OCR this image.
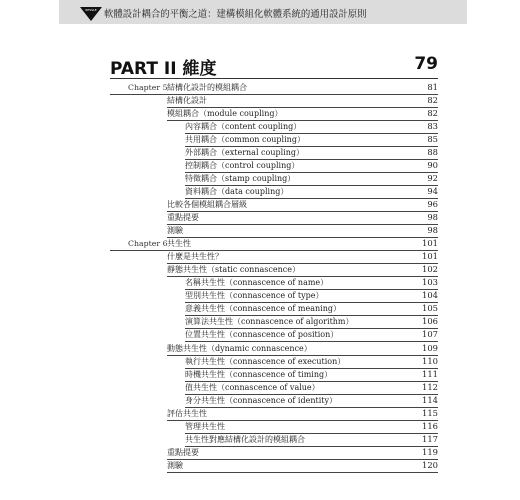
RESSLE 軟體設計耦合的平衡之道：建構模組化軟體系統的通用設計原則
PART II 維度	79
Chapter 5 結構化設計的模組耦合	81
結構化設計	82
模組耦合（module coupling）	82
內容耦合（content coupling）	83
共用耦合（common coupling）	85
外部耦合（external coupling）	88
控制耦合（control coupling）	90
特徵耦合（stamp coupling）	92
資料耦合（data coupling）	94
比較各個模組耦合層級	96
重點提要	98
測驗	98
Chapter 6 共生性	101
什麼是共生性？	101
靜態共生性（static connascence）	102
名稱共生性（connascence of name）	103
型別共生性（connascence of type）	104
意義共生性（connascence of meaning）	105
演算法共生性（connascence of algorithm）	106
位置共生性（connascence of position）	107
動態共生性（dynamic connascence）	109
執行共生性（connascence of execution）	110
時機共生性（connascence of timing）	111
值共生性（connascence of value）	112
身分共生性（connascence of identity）	114
評估共生性	115
管理共生性	116
共生性對應結構化設計的模組耦合	117
重點提要	119
測驗	120
